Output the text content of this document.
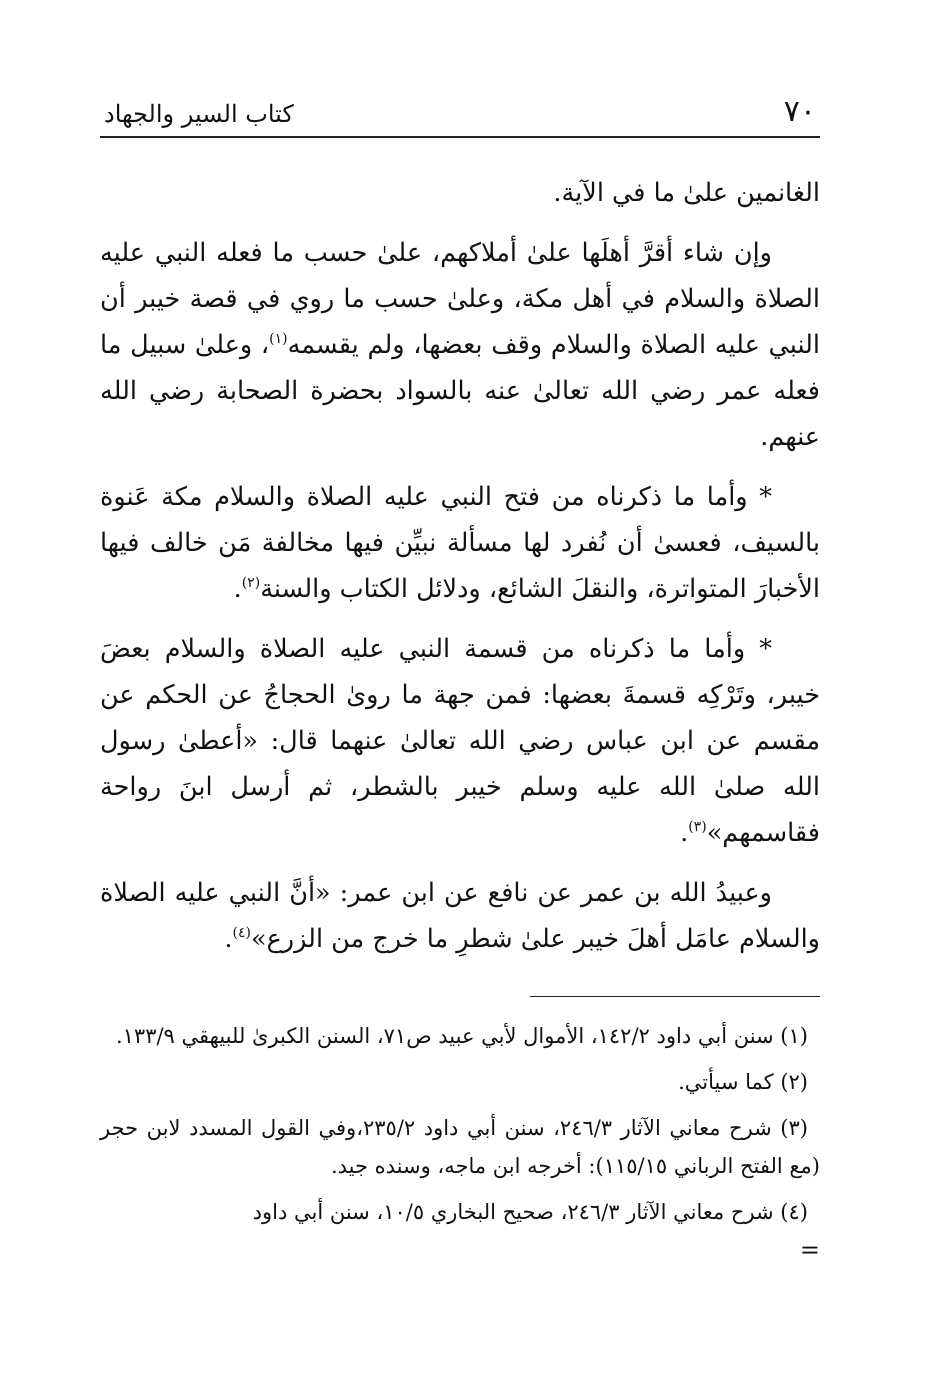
٧٠
كتاب السير والجهاد

الغانمين علىٰ ما في الآية.

وإن شاء أقرَّ أهلَها علىٰ أملاكهم، علىٰ حسب ما فعله النبي عليه الصلاة والسلام في أهل مكة، وعلىٰ حسب ما روي في قصة خيبر أن النبي عليه الصلاة والسلام وقف بعضها، ولم يقسمه$^{(١)}$، وعلىٰ سبيل ما فعله عمر رضي الله تعالىٰ عنه بالسواد بحضرة الصحابة رضي الله عنهم.

* وأما ما ذكرناه من فتح النبي عليه الصلاة والسلام مكة عَنوة بالسيف، فعسىٰ أن نُفرد لها مسألة نبيِّن فيها مخالفة مَن خالف فيها الأخبارَ المتواترة، والنقلَ الشائع، ودلائل الكتاب والسنة$^{(٢)}$.

* وأما ما ذكرناه من قسمة النبي عليه الصلاة والسلام بعضَ خيبر، وتَرْكِه قسمةَ بعضها: فمن جهة ما روىٰ الحجاجُ عن الحكم عن مقسم عن ابن عباس رضي الله تعالىٰ عنهما قال: «أعطىٰ رسول الله صلىٰ الله عليه وسلم خيبر بالشطر، ثم أرسل ابنَ رواحة فقاسمهم»$^{(٣)}$.

وعبيدُ الله بن عمر عن نافع عن ابن عمر: «أنَّ النبي عليه الصلاة والسلام عامَل أهلَ خيبر علىٰ شطرِ ما خرج من الزرع»$^{(٤)}$.

(١) سنن أبي داود ١٤٢/٢، الأموال لأبي عبيد ص٧١، السنن الكبرىٰ للبيهقي ١٣٣/٩.

(٢) كما سيأتي.

(٣) شرح معاني الآثار ٢٤٦/٣، سنن أبي داود ٢٣٥/٢،وفي القول المسدد لابن حجر (مع الفتح الرباني ١١٥/١٥): أخرجه ابن ماجه، وسنده جيد.

(٤) شرح معاني الآثار ٢٤٦/٣، صحيح البخاري ١٠/٥، سنن أبي داود

=
